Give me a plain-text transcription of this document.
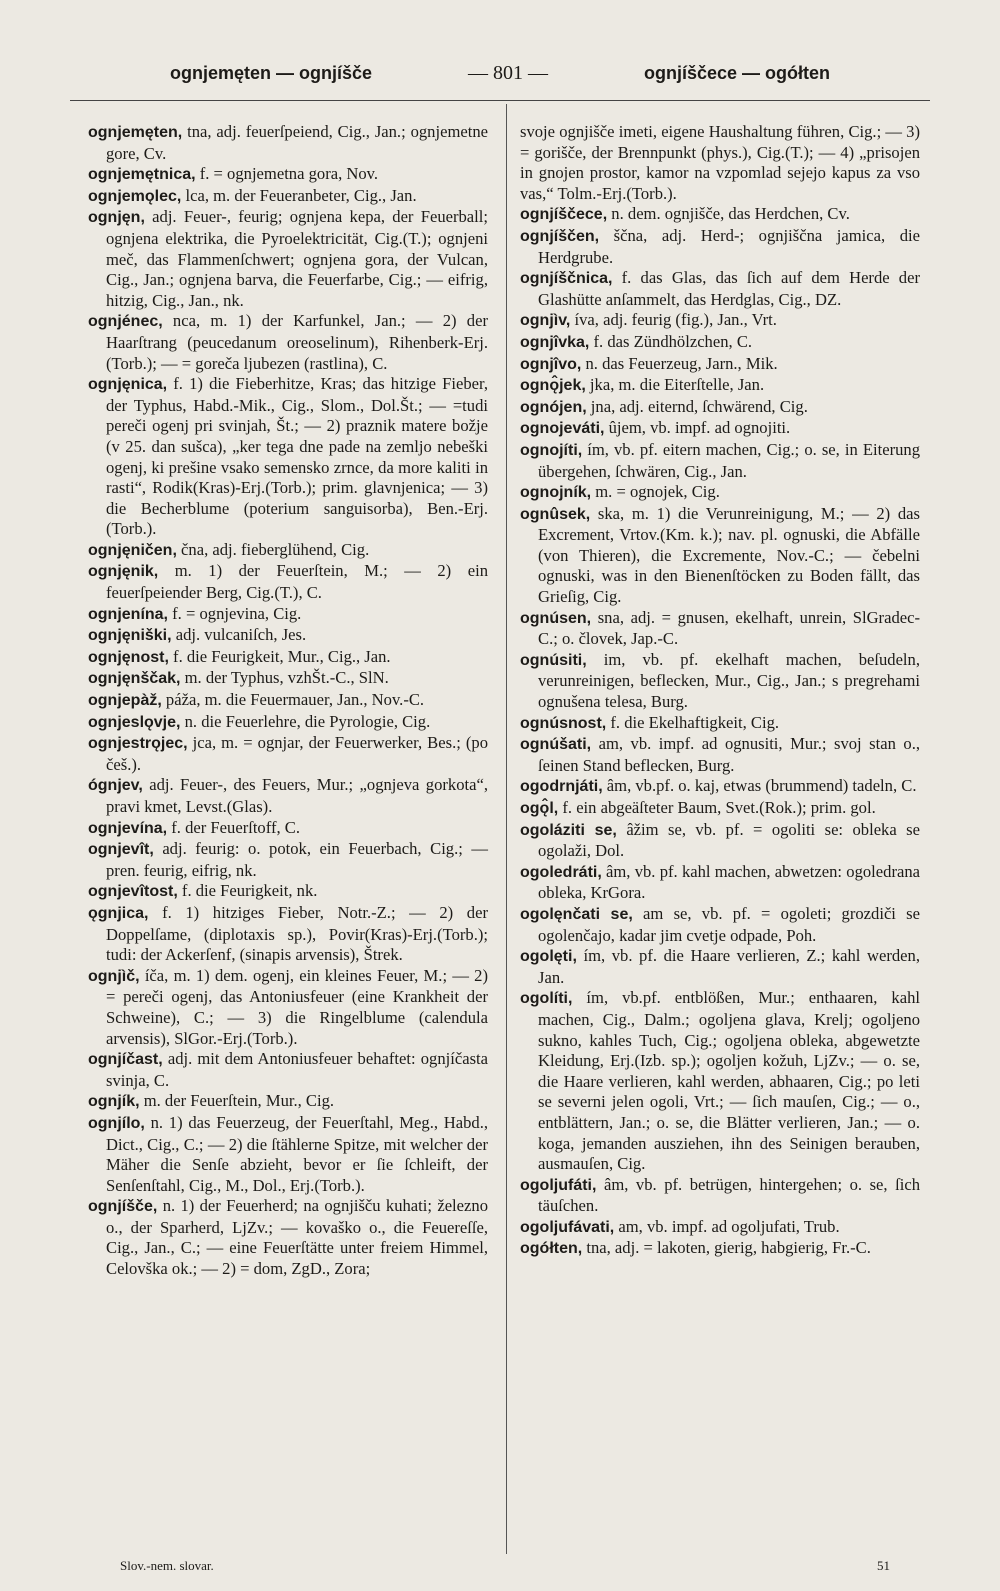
ognjemęten — ognjíšče	— 801 —	ognjíščece — ogółten

ognjemęten, tna, adj. feuerſpeiend, Cig., Jan.; ognjemetne gore, Cv.

ognjemętnica, f. = ognjemetna gora, Nov.

ognjemǫlec, lca, m. der Feueranbeter, Cig., Jan.

ognjęn, adj. Feuer-, feurig; ognjena kepa, der Feuerball; ognjena elektrika, die Pyroelektricität, Cig.(T.); ognjeni meč, das Flammenſchwert; ognjena gora, der Vulcan, Cig., Jan.; ognjena barva, die Feuerfarbe, Cig.; — eifrig, hitzig, Cig., Jan., nk.

ognjénec, nca, m. 1) der Karfunkel, Jan.; — 2) der Haarſtrang (peucedanum oreoselinum), Rihenberk-Erj.(Torb.); — = goreča ljubezen (rastlina), C.

ognjęnica, f. 1) die Fieberhitze, Kras; das hitzige Fieber, der Typhus, Habd.-Mik., Cig., Slom., Dol.Št.; — =tudi pereči ogenj pri svinjah, Št.; — 2) praznik matere božje (v 25. dan sušca), „ker tega dne pade na zemljo nebeški ogenj, ki prešine vsako semensko zrnce, da more kaliti in rasti“, Rodik(Kras)-Erj.(Torb.); prim. glavnjenica; — 3) die Becherblume (poterium sanguisorba), Ben.-Erj.(Torb.).

ognjęničen, čna, adj. fieberglühend, Cig.

ognjęnik, m. 1) der Feuerſtein, M.; — 2) ein feuerſpeiender Berg, Cig.(T.), C.

ognjenína, f. = ognjevina, Cig.

ognjęniški, adj. vulcaniſch, Jes.

ognjęnost, f. die Feurigkeit, Mur., Cig., Jan.

ognjęnščak, m. der Typhus, vzhŠt.-C., SlN.

ognjepàž, páža, m. die Feuermauer, Jan., Nov.-C.

ognjeslǫvje, n. die Feuerlehre, die Pyrologie, Cig.

ognjestrǫjec, jca, m. = ognjar, der Feuerwerker, Bes.; (po češ.).

ógnjev, adj. Feuer-, des Feuers, Mur.; „ognjeva gorkota“, pravi kmet, Levst.(Glas).

ognjevína, f. der Feuerſtoff, C.

ognjevît, adj. feurig: o. potok, ein Feuerbach, Cig.; — pren. feurig, eifrig, nk.

ognjevîtost, f. die Feurigkeit, nk.

ǫgnjica, f. 1) hitziges Fieber, Notr.-Z.; — 2) der Doppelſame, (diplotaxis sp.), Povir(Kras)-Erj.(Torb.); tudi: der Ackerſenf, (sinapis arvensis), Štrek.

ognjìč, íča, m. 1) dem. ogenj, ein kleines Feuer, M.; — 2) = pereči ogenj, das Antoniusfeuer (eine Krankheit der Schweine), C.; — 3) die Ringelblume (calendula arvensis), SlGor.-Erj.(Torb.).

ognjíčast, adj. mit dem Antoniusfeuer behaftet: ognjíčasta svinja, C.

ognjík, m. der Feuerſtein, Mur., Cig.

ognjílo, n. 1) das Feuerzeug, der Feuerſtahl, Meg., Habd., Dict., Cig., C.; — 2) die ſtählerne Spitze, mit welcher der Mäher die Senſe abzieht, bevor er ſie ſchleift, der Senſenſtahl, Cig., M., Dol., Erj.(Torb.).

ognjíšče, n. 1) der Feuerherd; na ognjišču kuhati; železno o., der Sparherd, LjZv.; — kovaško o., die Feuereſſe, Cig., Jan., C.; — eine Feuerſtätte unter freiem Himmel, Celovška ok.; — 2) = dom, ZgD., Zora;

svoje ognjišče imeti, eigene Haushaltung führen, Cig.; — 3) = gorišče, der Brennpunkt (phys.), Cig.(T.); — 4) „prisojen in gnojen prostor, kamor na vzpomlad sejejo kapus za vso vas,“ Tolm.-Erj.(Torb.).

ognjíščece, n. dem. ognjišče, das Herdchen, Cv.

ognjíščen, ščna, adj. Herd-; ognjiščna jamica, die Herdgrube.

ognjíščnica, f. das Glas, das ſich auf dem Herde der Glashütte anſammelt, das Herdglas, Cig., DZ.

ognjìv, íva, adj. feurig (fig.), Jan., Vrt.

ognjîvka, f. das Zündhölzchen, C.

ognjîvo, n. das Feuerzeug, Jarn., Mik.

ognǫ̂jek, jka, m. die Eiterſtelle, Jan.

ognójen, jna, adj. eiternd, ſchwärend, Cig.

ognojeváti, ûjem, vb. impf. ad ognojiti.

ognojíti, ím, vb. pf. eitern machen, Cig.; o. se, in Eiterung übergehen, ſchwären, Cig., Jan.

ognojník, m. = ognojek, Cig.

ognûsek, ska, m. 1) die Verunreinigung, M.; — 2) das Excrement, Vrtov.(Km. k.); nav. pl. ognuski, die Abfälle (von Thieren), die Excremente, Nov.-C.; — čebelni ognuski, was in den Bienenſtöcken zu Boden fällt, das Grieſig, Cig.

ognúsen, sna, adj. = gnusen, ekelhaft, unrein, SlGradec-C.; o. človek, Jap.-C.

ognúsiti, im, vb. pf. ekelhaft machen, beſudeln, verunreinigen, beflecken, Mur., Cig., Jan.; s pregrehami ognušena telesa, Burg.

ognúsnost, f. die Ekelhaftigkeit, Cig.

ognúšati, am, vb. impf. ad ognusiti, Mur.; svoj stan o., ſeinen Stand beflecken, Burg.

ogodrnjáti, âm, vb.pf. o. kaj, etwas (brummend) tadeln, C.

ogǫ̂l, f. ein abgeäſteter Baum, Svet.(Rok.); prim. gol.

ogoláziti se, âžim se, vb. pf. = ogoliti se: obleka se ogolaži, Dol.

ogoledráti, âm, vb. pf. kahl machen, abwetzen: ogoledrana obleka, KrGora.

ogolęnčati se, am se, vb. pf. = ogoleti; grozdiči se ogolenčajo, kadar jim cvetje odpade, Poh.

ogolęti, ím, vb. pf. die Haare verlieren, Z.; kahl werden, Jan.

ogolíti, ím, vb.pf. entblößen, Mur.; enthaaren, kahl machen, Cig., Dalm.; ogoljena glava, Krelj; ogoljeno sukno, kahles Tuch, Cig.; ogoljena obleka, abgewetzte Kleidung, Erj.(Izb. sp.); ogoljen kožuh, LjZv.; — o. se, die Haare verlieren, kahl werden, abhaaren, Cig.; po leti se severni jelen ogoli, Vrt.; — ſich mauſen, Cig.; — o., entblättern, Jan.; o. se, die Blätter verlieren, Jan.; — o. koga, jemanden ausziehen, ihn des Seinigen berauben, ausmauſen, Cig.

ogoljufáti, âm, vb. pf. betrügen, hintergehen; o. se, ſich täuſchen.

ogoljufávati, am, vb. impf. ad ogoljufati, Trub.

ogółten, tna, adj. = lakoten, gierig, habgierig, Fr.-C.

Slov.-nem. slovar.	51
